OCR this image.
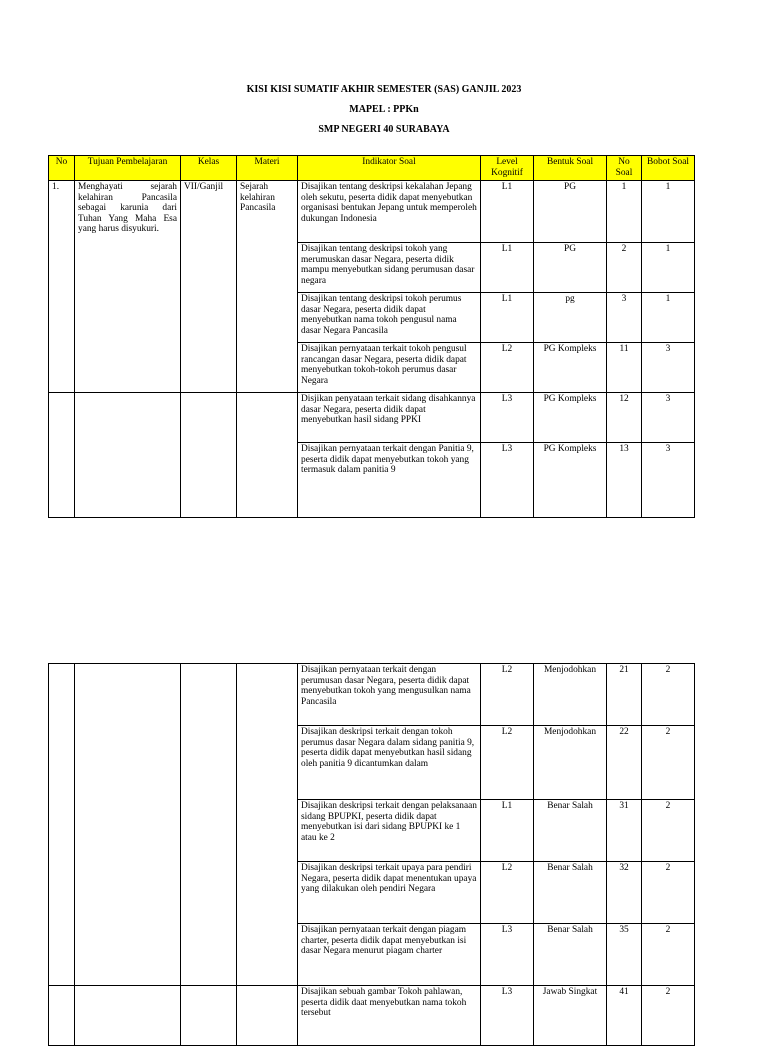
KISI KISI SUMATIF AKHIR SEMESTER (SAS) GANJIL 2023
MAPEL : PPKn
SMP NEGERI 40 SURABAYA
No	Tujuan Pembelajaran	Kelas	Materi	Indikator Soal	Level Kognitif	Bentuk Soal	No Soal	Bobot Soal
1.	Menghayati sejarah kelahiran Pancasila sebagai karunia dari Tuhan Yang Maha Esa yang harus disyukuri.	VII/Ganjil	Sejarah kelahiran Pancasila	Disajikan tentang deskripsi kekalahan Jepang oleh sekutu, peserta didik dapat menyebutkan organisasi bentukan Jepang untuk memperoleh dukungan Indonesia	L1	PG	1	1
				Disajikan tentang deskripsi tokoh yang merumuskan dasar Negara, peserta didik mampu menyebutkan sidang perumusan dasar negara	L1	PG	2	1
				Disajikan tentang deskripsi tokoh perumus dasar Negara, peserta didik dapat menyebutkan nama tokoh pengusul nama dasar Negara Pancasila	L1	pg	3	1
				Disajikan pernyataan terkait tokoh pengusul rancangan dasar Negara, peserta didik dapat menyebutkan tokoh-tokoh perumus dasar Negara	L2	PG Kompleks	11	3
				Disjikan penyataan terkait sidang disahkannya dasar Negara, peserta didik dapat menyebutkan hasil sidang PPKI	L3	PG Kompleks	12	3
				Disajikan pernyataan terkait dengan Panitia 9, peserta didik dapat menyebutkan tokoh yang termasuk dalam panitia 9	L3	PG Kompleks	13	3
				Disajikan pernyataan terkait dengan perumusan dasar Negara, peserta didik dapat menyebutkan tokoh yang mengusulkan nama Pancasila	L2	Menjodohkan	21	2
				Disajikan deskripsi terkait dengan tokoh perumus dasar Negara dalam sidang panitia 9, peserta didik dapat menyebutkan hasil sidang oleh panitia 9 dicantumkan dalam	L2	Menjodohkan	22	2
				Disajikan deskripsi terkait dengan pelaksanaan sidang BPUPKI, peserta didik dapat menyebutkan isi dari sidang BPUPKI ke 1 atau ke 2	L1	Benar Salah	31	2
				Disajikan deskripsi terkait upaya para pendiri Negara, peserta didik dapat menentukan upaya yang dilakukan oleh pendiri Negara	L2	Benar Salah	32	2
				Disajikan pernyataan terkait dengan piagam charter, peserta didik dapat menyebutkan isi dasar Negara menurut piagam charter	L3	Benar Salah	35	2
				Disajikan sebuah gambar Tokoh pahlawan, peserta didik daat menyebutkan nama tokoh tersebut	L3	Jawab Singkat	41	2
